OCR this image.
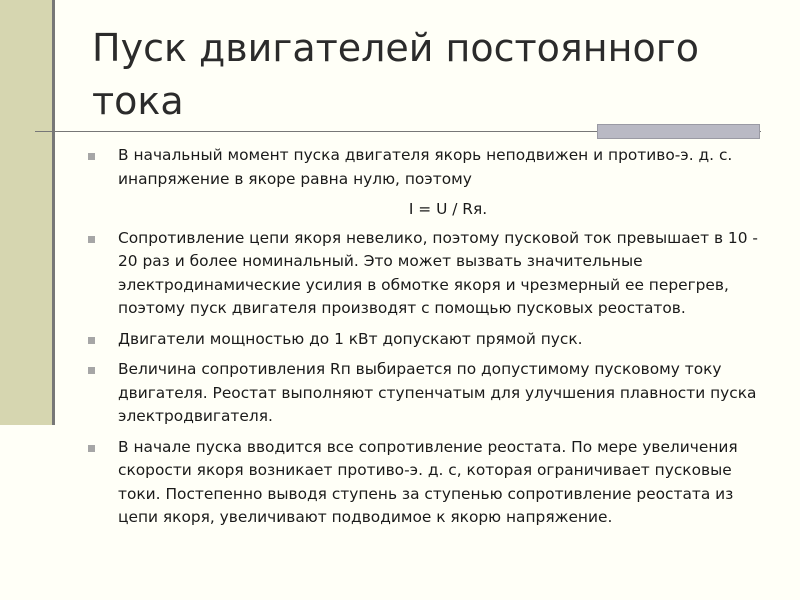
Пуск двигателей постоянного тока
В начальный момент пуска двигателя якорь неподвижен и противо-э. д. с. инапряжение в якоре равна нулю, поэтому
I = U / Rя.
Сопротивление цепи якоря невелико, поэтому пусковой ток превышает в 10 - 20 раз и более номинальный. Это может вызвать значительные электродинамические усилия в обмотке якоря и чрезмерный ее перегрев, поэтому пуск двигателя производят с помощью пусковых реостатов.
Двигатели мощностью до 1 кВт допускают прямой пуск.
Величина сопротивления Rп выбирается по допустимому пусковому току двигателя. Реостат выполняют ступенчатым для улучшения плавности пуска электродвигателя.
В начале пуска вводится все сопротивление реостата. По мере увеличения скорости якоря возникает противо-э. д. с, которая ограничивает пусковые токи. Постепенно выводя ступень за ступенью сопротивление реостата из цепи якоря, увеличивают подводимое к якорю напряжение.
